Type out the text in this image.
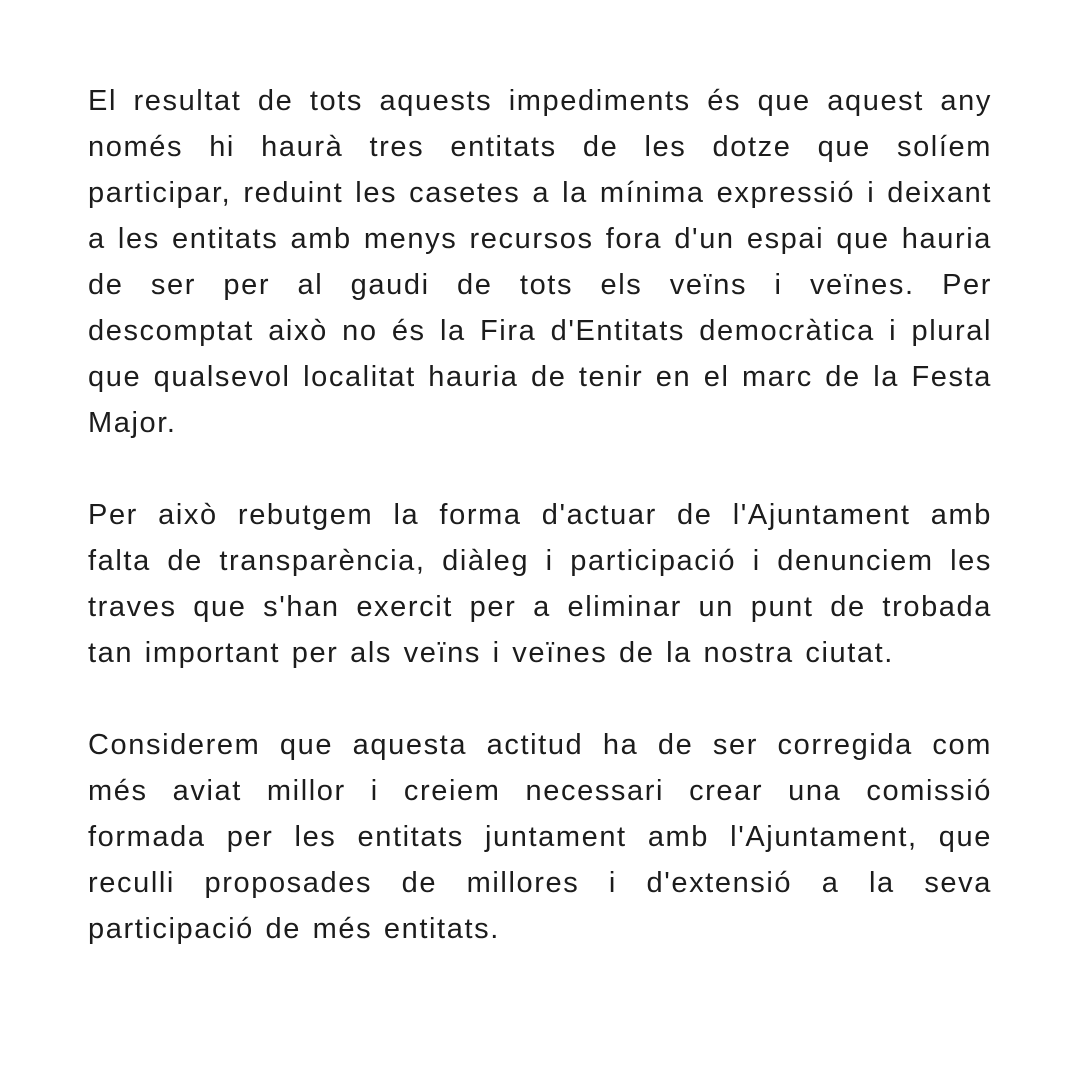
El resultat de tots aquests impediments és que aquest any només hi haurà tres entitats de les dotze que solíem participar, reduint les casetes a la mínima expressió i deixant a les entitats amb menys recursos fora d'un espai que hauria de ser per al gaudi de tots els veïns i veïnes. Per descomptat això no és la Fira d'Entitats democràtica i plural que qualsevol localitat hauria de tenir en el marc de la Festa Major.

Per això rebutgem la forma d'actuar de l'Ajuntament amb falta de transparència, diàleg i participació i denunciem les traves que s'han exercit per a eliminar un punt de trobada tan important per als veïns i veïnes de la nostra ciutat.

Considerem que aquesta actitud ha de ser corregida com més aviat millor i creiem necessari crear una comissió formada per les entitats juntament amb l'Ajuntament, que reculli proposades de millores i d'extensió a la seva participació de més entitats.
